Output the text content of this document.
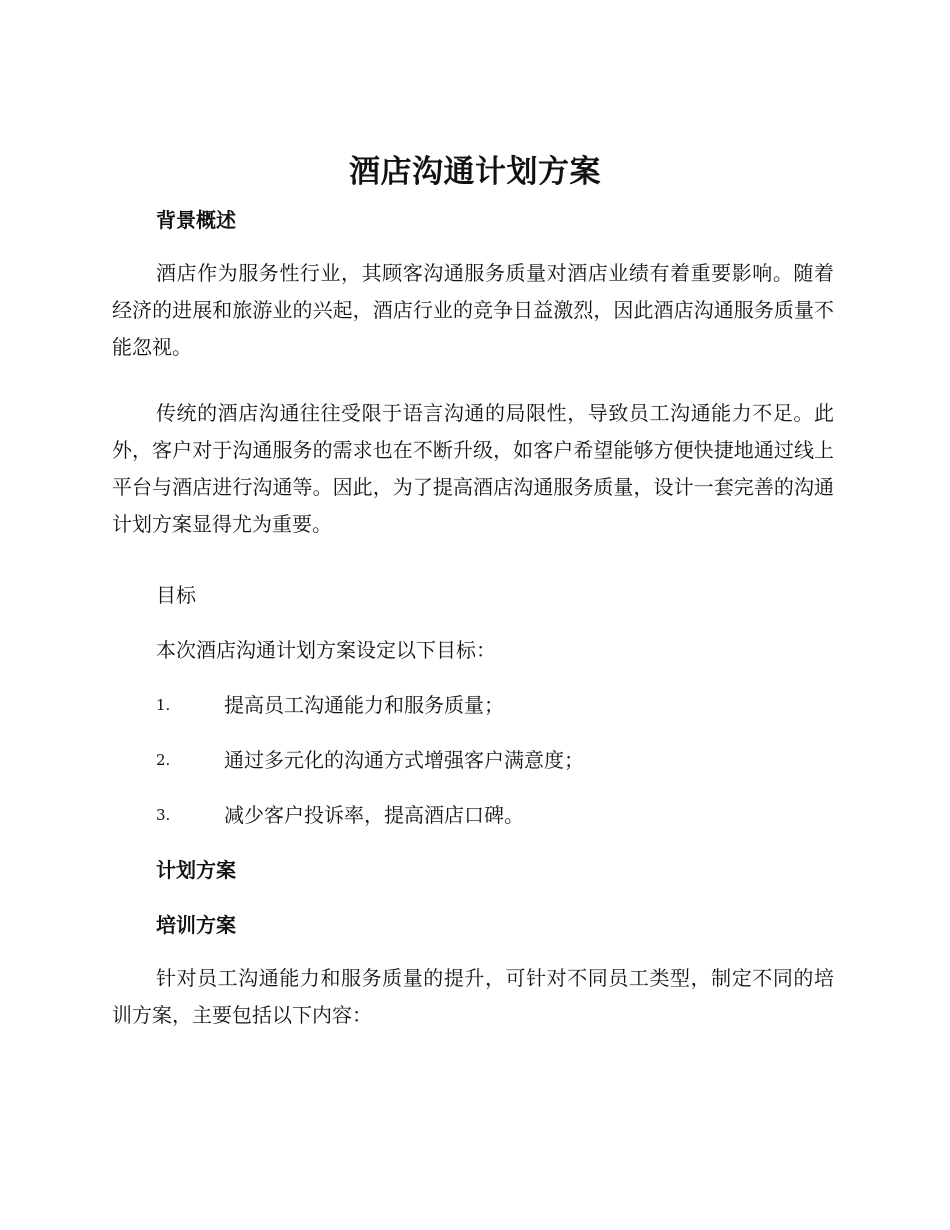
酒店沟通计划方案
背景概述
酒店作为服务性行业，其顾客沟通服务质量对酒店业绩有着重要影响。随着经济的进展和旅游业的兴起，酒店行业的竞争日益激烈，因此酒店沟通服务质量不能忽视。
传统的酒店沟通往往受限于语言沟通的局限性，导致员工沟通能力不足。此外，客户对于沟通服务的需求也在不断升级，如客户希望能够方便快捷地通过线上平台与酒店进行沟通等。因此，为了提高酒店沟通服务质量，设计一套完善的沟通计划方案显得尤为重要。
目标
本次酒店沟通计划方案设定以下目标：
1.	提高员工沟通能力和服务质量；
2.	通过多元化的沟通方式增强客户满意度；
3.	减少客户投诉率，提高酒店口碑。
计划方案
培训方案
针对员工沟通能力和服务质量的提升，可针对不同员工类型，制定不同的培训方案，主要包括以下内容：
